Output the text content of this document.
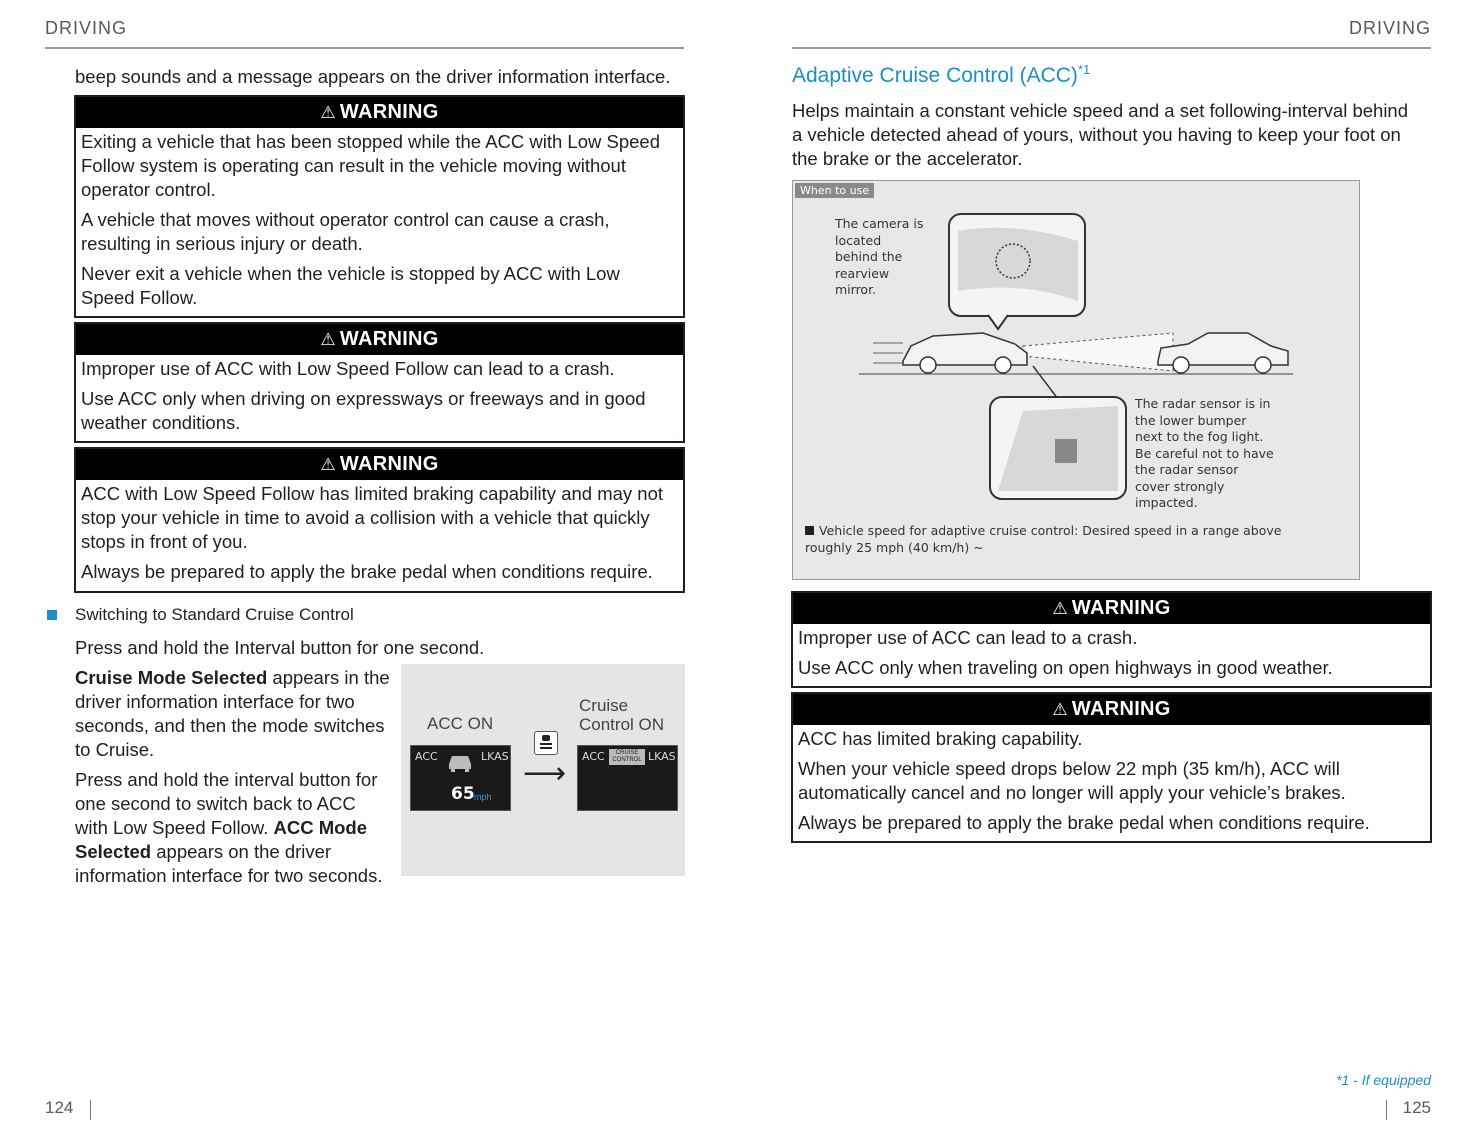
DRIVING

beep sounds and a message appears on the driver information interface.

⚠ WARNING

Exiting a vehicle that has been stopped while the ACC with Low Speed Follow system is operating can result in the vehicle moving without operator control.

A vehicle that moves without operator control can cause a crash, resulting in serious injury or death.

Never exit a vehicle when the vehicle is stopped by ACC with Low Speed Follow.

⚠ WARNING

Improper use of ACC with Low Speed Follow can lead to a crash.

Use ACC only when driving on expressways or freeways and in good weather conditions.

⚠ WARNING

ACC with Low Speed Follow has limited braking capability and may not stop your vehicle in time to avoid a collision with a vehicle that quickly stops in front of you.

Always be prepared to apply the brake pedal when conditions require.

Switching to Standard Cruise Control

Press and hold the Interval button for one second.

Cruise Mode Selected appears in the driver information interface for two seconds, and then the mode switches to Cruise.

Press and hold the interval button for one second to switch back to ACC with Low Speed Follow. ACC Mode Selected appears on the driver information interface for two seconds.

ACC ON
Cruise Control ON
ACC	LKAS
65 mph
⟶
ACC	LKAS
CRUISE CONTROL
124
DRIVING
Adaptive Cruise Control (ACC)$^{*1}$

Helps maintain a constant vehicle speed and a set following-interval behind a vehicle detected ahead of yours, without you having to keep your foot on the brake or the accelerator.

When to use
The camera is located behind the rearview mirror.
The radar sensor is in the lower bumper next to the fog light. Be careful not to have the radar sensor cover strongly impacted.
Vehicle speed for adaptive cruise control: Desired speed in a range above roughly 25 mph (40 km/h) ~
⚠ WARNING

Improper use of ACC can lead to a crash.

Use ACC only when traveling on open highways in good weather.

⚠ WARNING

ACC has limited braking capability.

When your vehicle speed drops below 22 mph (35 km/h), ACC will automatically cancel and no longer will apply your vehicle’s brakes.

Always be prepared to apply the brake pedal when conditions require.

*1 - If equipped
125
